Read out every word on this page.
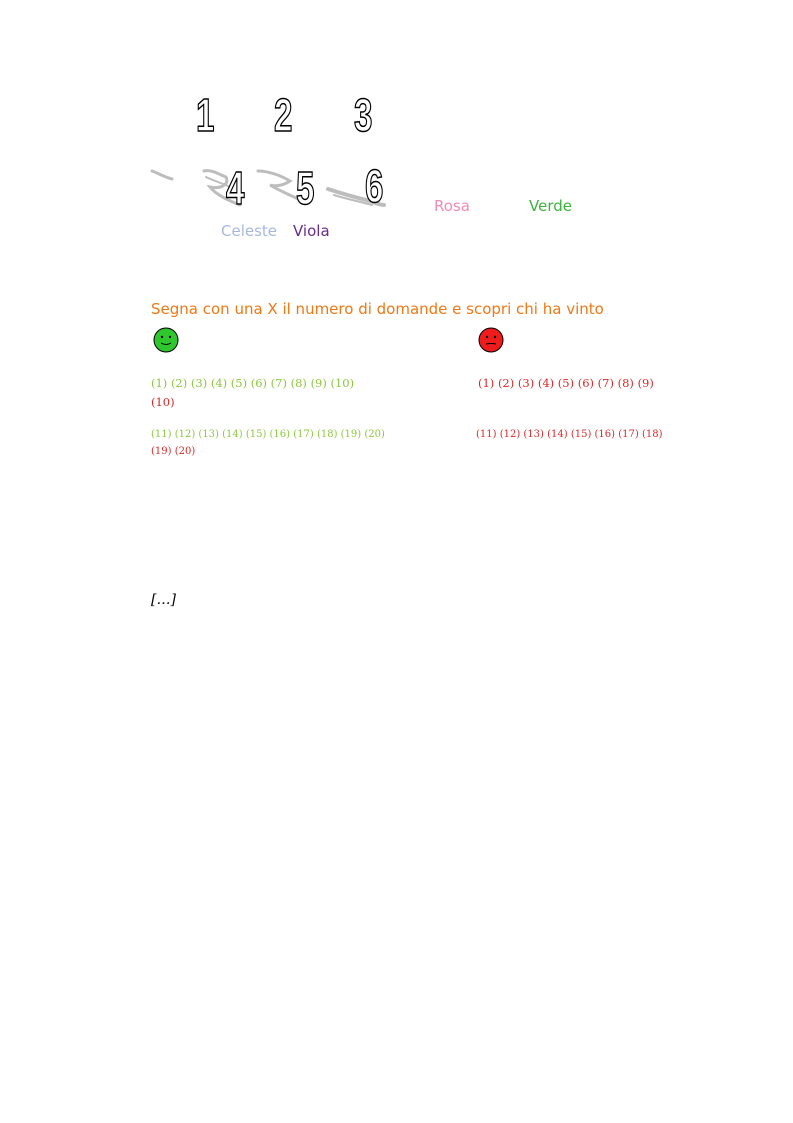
1 2 3
4 5 6	Rosa	Verde
Celeste Viola
Segna con una X il numero di domande e scopri chi ha vinto
(1) (2) (3) (4) (5) (6) (7) (8) (9) (10)
(11) (12) (13) (14) (15) (16) (17) (18) (19) (20)
(1) (2) (3) (4) (5) (6) (7) (8) (9)
(10)
(11) (12) (13) (14) (15) (16) (17) (18)
(19) (20)
[…]
